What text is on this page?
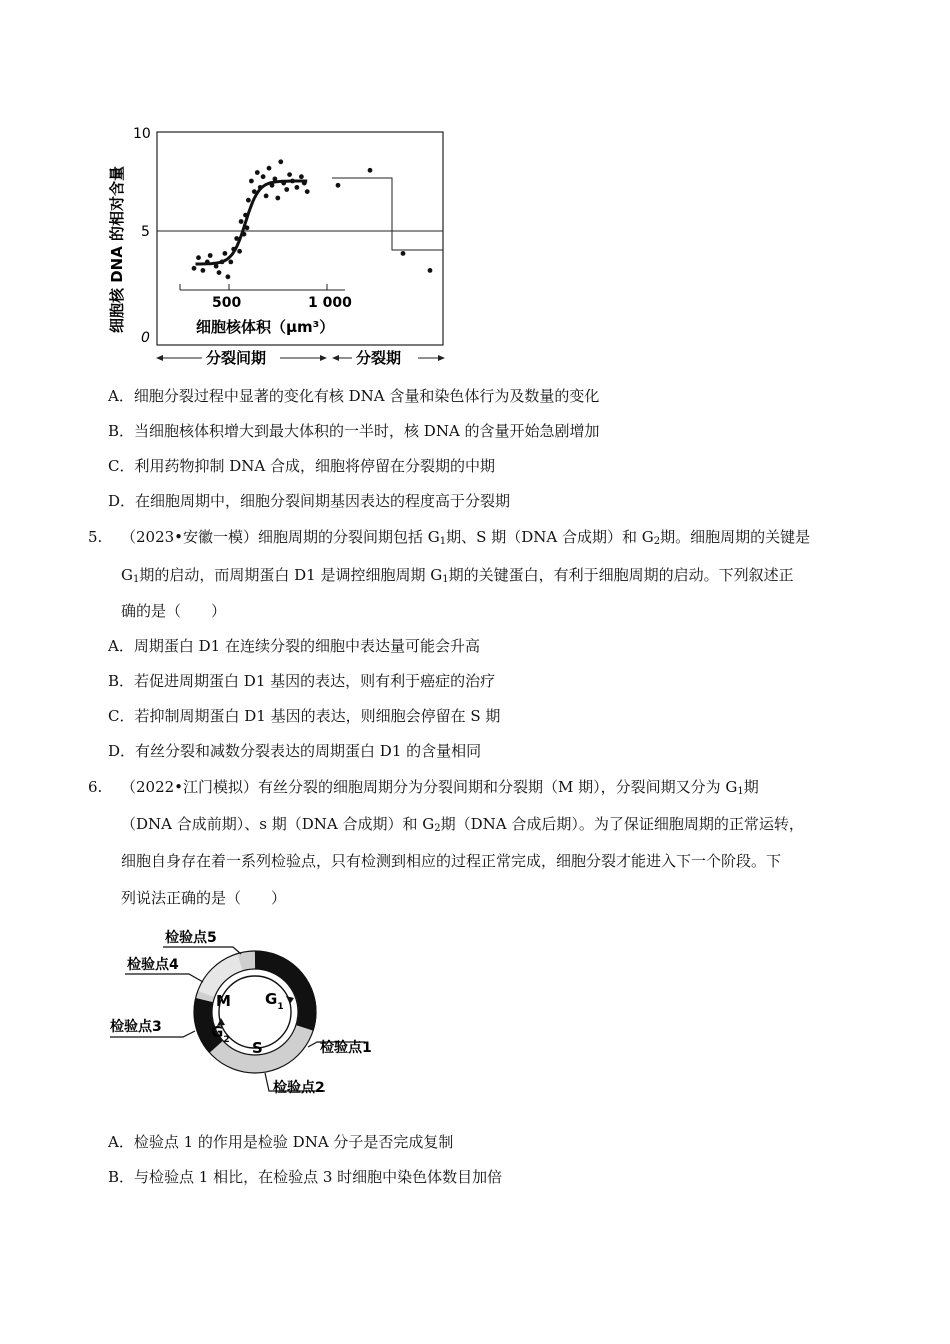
10
5
0
细胞核 DNA 的相对含量	500	1 000
细胞核体积（μm³）
分裂间期	分裂期
A．细胞分裂过程中显著的变化有核 DNA 含量和染色体行为及数量的变化
B．当细胞核体积增大到最大体积的一半时，核 DNA 的含量开始急剧增加
C．利用药物抑制 DNA 合成，细胞将停留在分裂期的中期
D．在细胞周期中，细胞分裂间期基因表达的程度高于分裂期
5. （2023•安徽一模）细胞周期的分裂间期包括 $G_1$期、S 期（DNA 合成期）和 $G_2$期。细胞周期的关键是
$G_1$期的启动，而周期蛋白 D1 是调控细胞周期 $G_1$期的关键蛋白，有利于细胞周期的启动。下列叙述正
确的是（　　）
A．周期蛋白 D1 在连续分裂的细胞中表达量可能会升高
B．若促进周期蛋白 D1 基因的表达，则有利于癌症的治疗
C．若抑制周期蛋白 D1 基因的表达，则细胞会停留在 S 期
D．有丝分裂和减数分裂表达的周期蛋白 D1 的含量相同
6. （2022•江门模拟）有丝分裂的细胞周期分为分裂间期和分裂期（M 期），分裂间期又分为 $G_1$期
（DNA 合成前期）、s 期（DNA 合成期）和 $G_2$期（DNA 合成后期）。为了保证细胞周期的正常运转，
细胞自身存在着一系列检验点，只有检测到相应的过程正常完成，细胞分裂才能进入下一个阶段。下
列说法正确的是（　　）
M $G_1$
$G_2$ S	检验点1
检验点2
检验点3
检验点4
检验点5
A．检验点 1 的作用是检验 DNA 分子是否完成复制
B．与检验点 1 相比，在检验点 3 时细胞中染色体数目加倍
